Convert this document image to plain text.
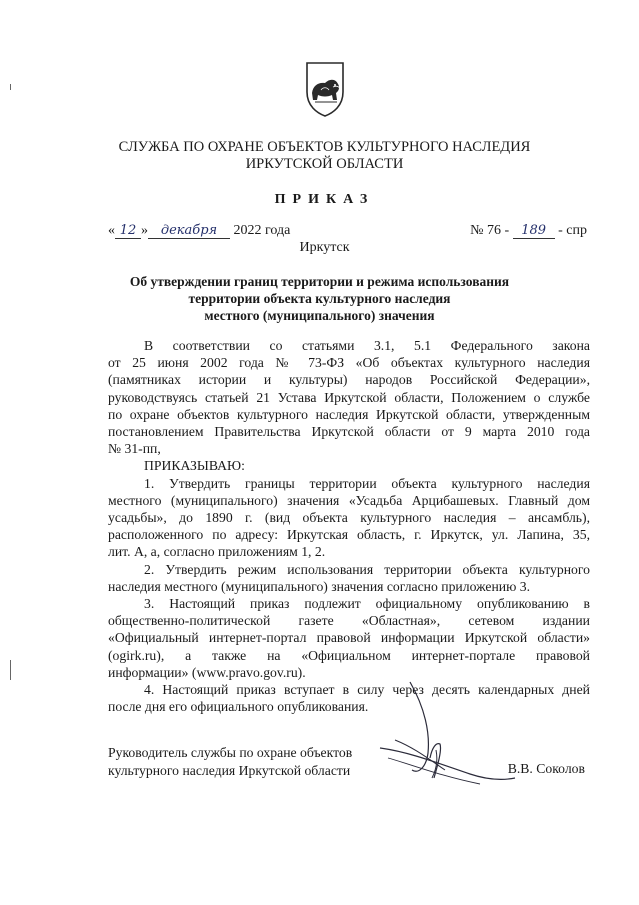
СЛУЖБА ПО ОХРАНЕ ОБЪЕКТОВ КУЛЬТУРНОГО НАСЛЕДИЯ
ИРКУТСКОЙ ОБЛАСТИ
ПРИКАЗ
« 12 » декабря 2022 года	№ 76 - 189 - спр
Иркутск
Об утверждении границ территории и режима использования
территории объекта культурного наследия
местного (муниципального) значения
В соответствии со статьями 3.1, 5.1 Федерального закона
от 25 июня 2002 года № 73-ФЗ «Об объектах культурного наследия
(памятниках истории и культуры) народов Российской Федерации»,
руководствуясь статьей 21 Устава Иркутской области, Положением о службе
по охране объектов культурного наследия Иркутской области, утвержденным
постановлением Правительства Иркутской области от 9 марта 2010 года
№ 31-пп,
ПРИКАЗЫВАЮ:
1. Утвердить границы территории объекта культурного наследия
местного (муниципального) значения «Усадьба Арцибашевых. Главный дом
усадьбы», до 1890 г. (вид объекта культурного наследия – ансамбль),
расположенного по адресу: Иркутская область, г. Иркутск, ул. Лапина, 35,
лит. А, а, согласно приложениям 1, 2.
2. Утвердить режим использования территории объекта культурного
наследия местного (муниципального) значения согласно приложению 3.
3. Настоящий приказ подлежит официальному опубликованию в
общественно-политической газете «Областная», сетевом издании
«Официальный интернет-портал правовой информации Иркутской области»
(ogirk.ru), а также на «Официальном интернет-портале правовой
информации» (www.pravo.gov.ru).
4. Настоящий приказ вступает в силу через десять календарных дней
после дня его официального опубликования.
Руководитель службы по охране объектов
культурного наследия Иркутской области	В.В. Соколов
